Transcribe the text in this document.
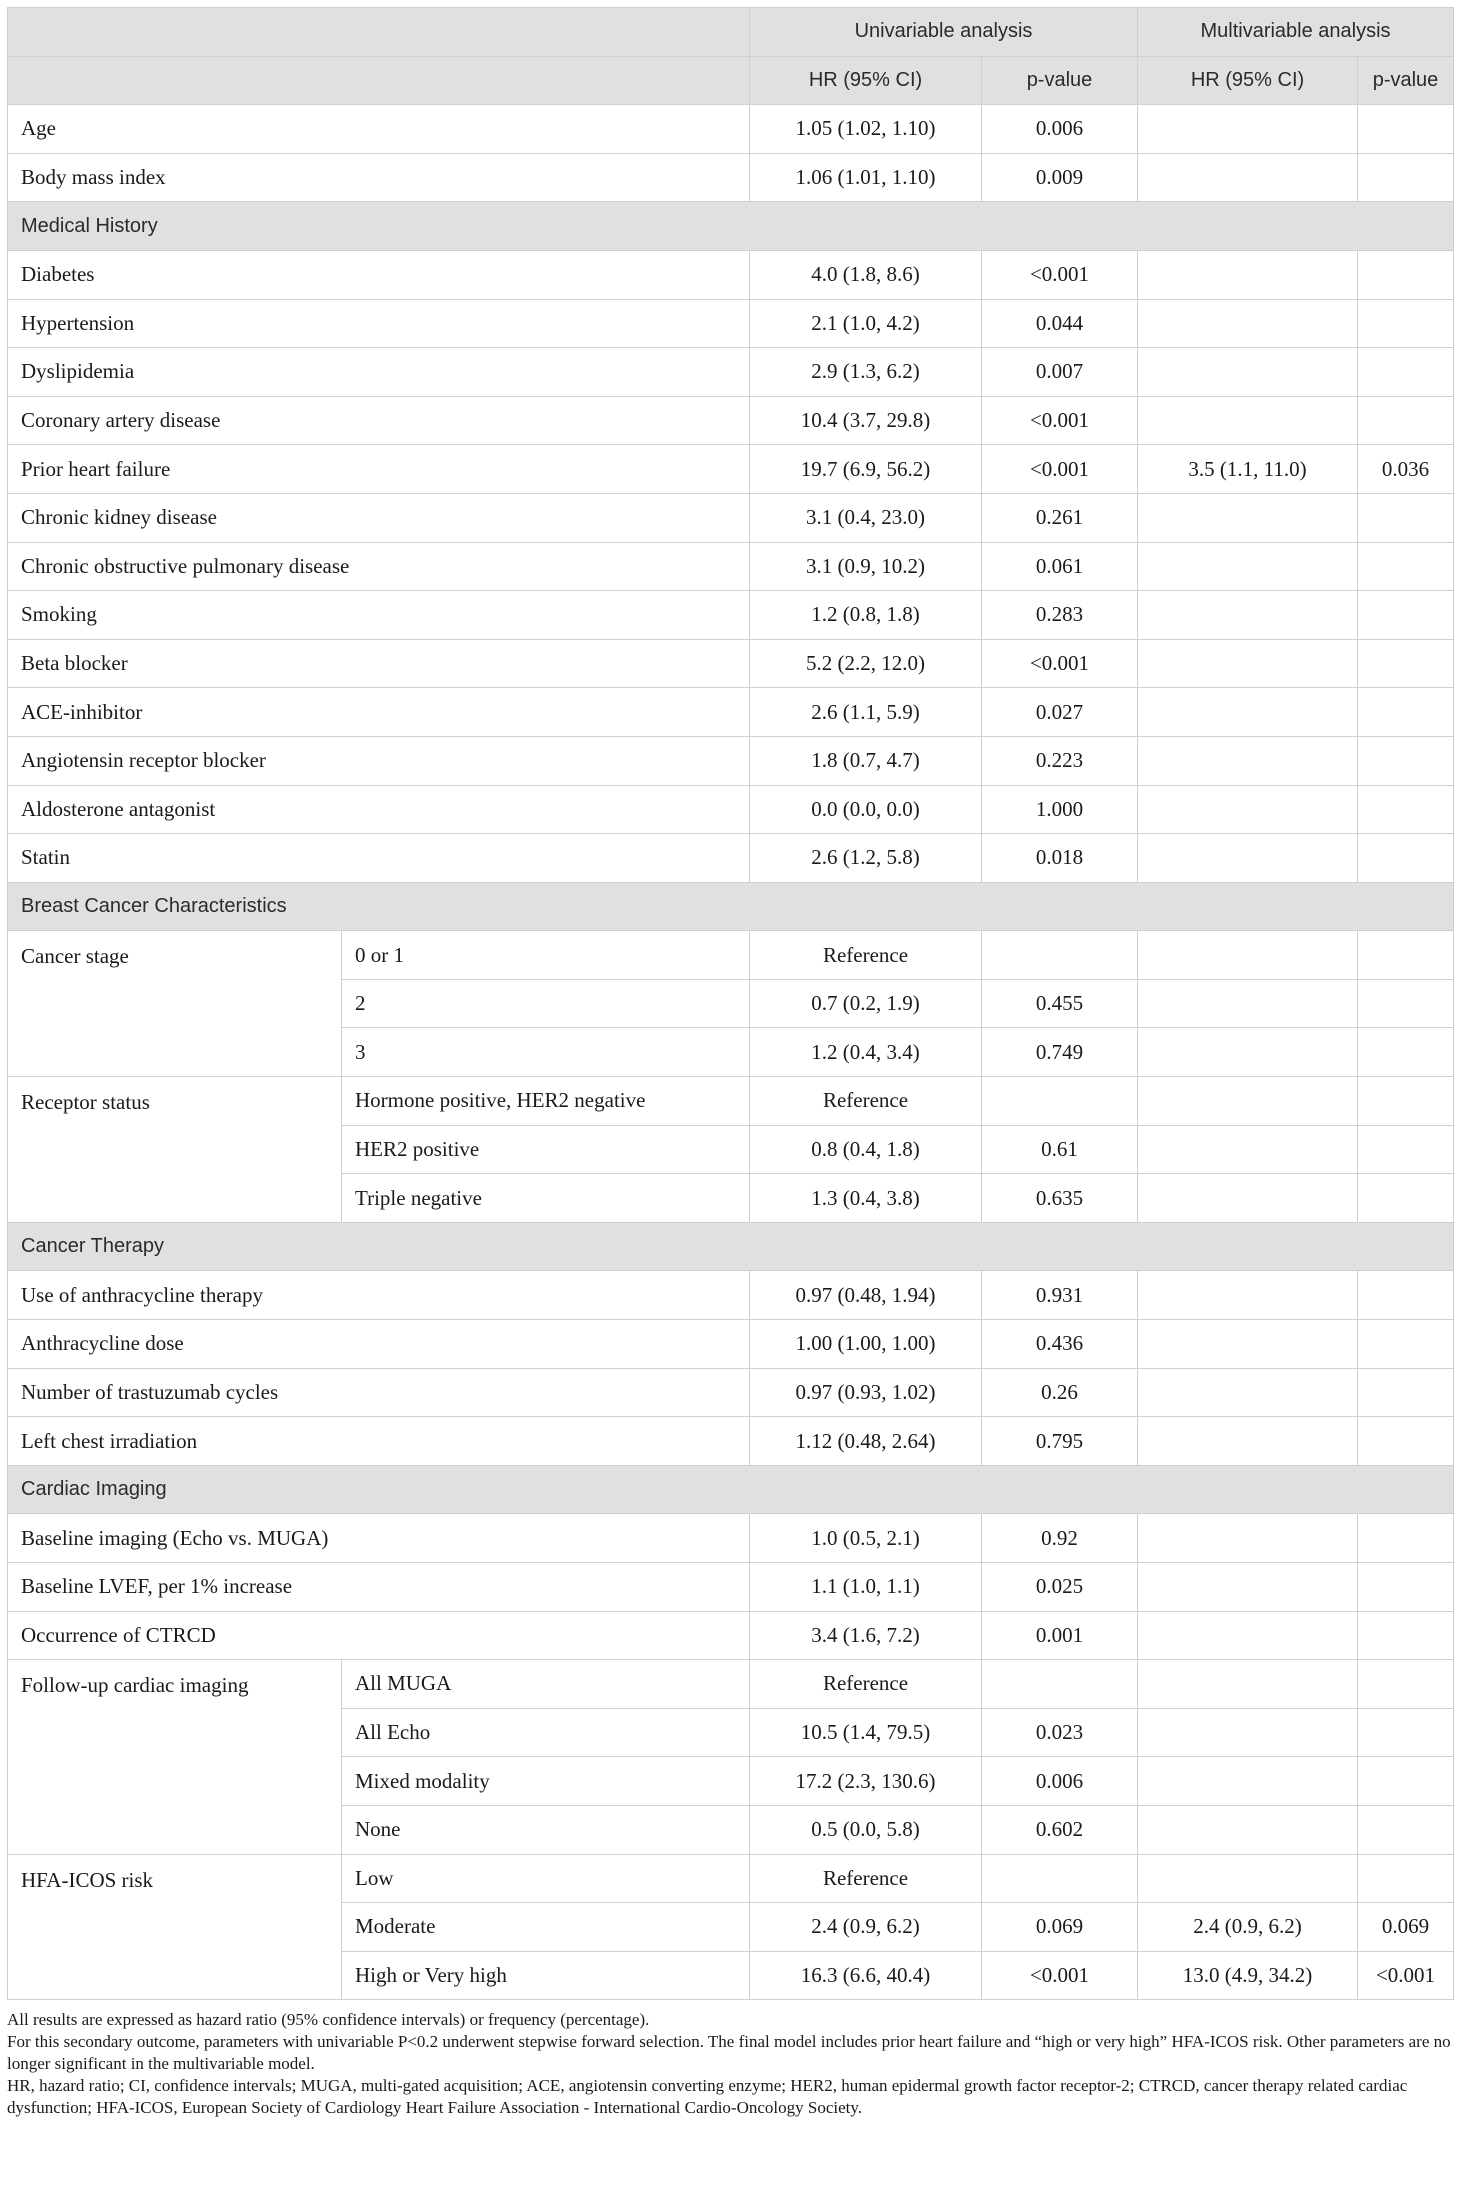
		Univariable analysis		Multivariable analysis	
		HR (95% CI)	p-value	HR (95% CI)	p-value
Age		1.05 (1.02, 1.10)	0.006		
Body mass index		1.06 (1.01, 1.10)	0.009		
Medical History					
Diabetes		4.0 (1.8, 8.6)	<0.001		
Hypertension		2.1 (1.0, 4.2)	0.044		
Dyslipidemia		2.9 (1.3, 6.2)	0.007		
Coronary artery disease		10.4 (3.7, 29.8)	<0.001		
Prior heart failure		19.7 (6.9, 56.2)	<0.001	3.5 (1.1, 11.0)	0.036
Chronic kidney disease		3.1 (0.4, 23.0)	0.261		
Chronic obstructive pulmonary disease		3.1 (0.9, 10.2)	0.061		
Smoking		1.2 (0.8, 1.8)	0.283		
Beta blocker		5.2 (2.2, 12.0)	<0.001		
ACE-inhibitor		2.6 (1.1, 5.9)	0.027		
Angiotensin receptor blocker		1.8 (0.7, 4.7)	0.223		
Aldosterone antagonist		0.0 (0.0, 0.0)	1.000		
Statin		2.6 (1.2, 5.8)	0.018		
Breast Cancer Characteristics					
Cancer stage	0 or 1	Reference			
	2	0.7 (0.2, 1.9)	0.455		
	3	1.2 (0.4, 3.4)	0.749		
Receptor status	Hormone positive, HER2 negative	Reference			
	HER2 positive	0.8 (0.4, 1.8)	0.61		
	Triple negative	1.3 (0.4, 3.8)	0.635		
Cancer Therapy					
Use of anthracycline therapy		0.97 (0.48, 1.94)	0.931		
Anthracycline dose		1.00 (1.00, 1.00)	0.436		
Number of trastuzumab cycles		0.97 (0.93, 1.02)	0.26		
Left chest irradiation		1.12 (0.48, 2.64)	0.795		
Cardiac Imaging					
Baseline imaging (Echo vs. MUGA)		1.0 (0.5, 2.1)	0.92		
Baseline LVEF, per 1% increase		1.1 (1.0, 1.1)	0.025		
Occurrence of CTRCD		3.4 (1.6, 7.2)	0.001		
Follow-up cardiac imaging	All MUGA	Reference			
	All Echo	10.5 (1.4, 79.5)	0.023		
	Mixed modality	17.2 (2.3, 130.6)	0.006		
	None	0.5 (0.0, 5.8)	0.602		
HFA-ICOS risk	Low	Reference			
	Moderate	2.4 (0.9, 6.2)	0.069	2.4 (0.9, 6.2)	0.069
	High or Very high	16.3 (6.6, 40.4)	<0.001	13.0 (4.9, 34.2)	<0.001

All results are expressed as hazard ratio (95% confidence intervals) or frequency (percentage).

For this secondary outcome, parameters with univariable P<0.2 underwent stepwise forward selection. The final model includes prior heart failure and “high or very high” HFA-ICOS risk. Other parameters are no longer significant in the multivariable model.

HR, hazard ratio; CI, confidence intervals; MUGA, multi-gated acquisition; ACE, angiotensin converting enzyme; HER2, human epidermal growth factor receptor-2; CTRCD, cancer therapy related cardiac dysfunction; HFA-ICOS, European Society of Cardiology Heart Failure Association - International Cardio-Oncology Society.
